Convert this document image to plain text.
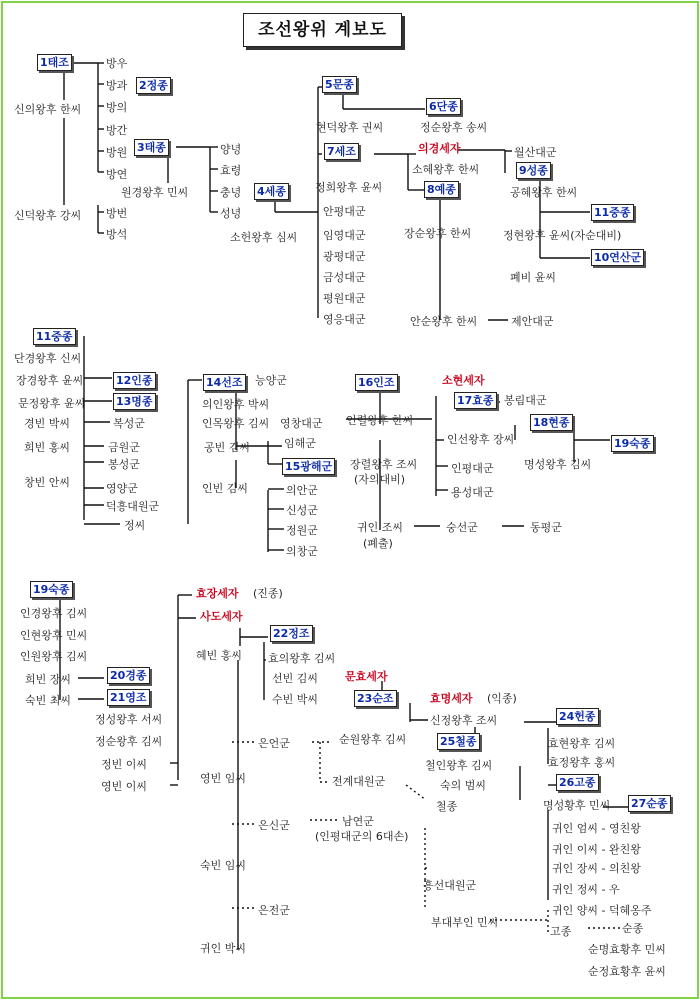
조선왕위 계보도
1태조
신의왕후 한씨
신덕왕후 강씨
방우
방과
방의
방간
방원
방연
방번
방석
2정종
3태종
원경왕후 민씨
양녕
효령
충녕
성녕
4세종
소헌왕후 심씨
5문종
현덕왕후 권씨
6단종
정순왕후 송씨
7세조
정희왕후 윤씨
안평대군
임영대군
광평대군
금성대군
평원대군
영응대군
의경세자
소혜왕후 한씨
월산대군
9성종
공혜왕후 한씨
8예종
장순왕후 한씨
안순왕후 한씨	제안대군
11중종
정현왕후 윤씨(자순대비)
폐비 윤씨
10연산군
11중종
단경왕후 신씨
장경왕후 윤씨	12인종
문정왕후 윤씨	13명종
경빈 박씨	복성군
희빈 홍씨	금원군
봉성군
창빈 안씨	영양군
덕흥대원군
정씨
14선조 능양군
의인왕후 박씨
인목왕후 김씨 영창대군
공빈 김씨	임해군
15광해군
인빈 김씨	의안군
신성군
정원군
의창군
16인조
인렬왕후 한씨
장렬왕후 조씨
(자의대비)
귀인 조씨
(폐출)
숭선군	동평군
소현세자
17효종 봉림대군
18현종
인선왕후 장씨
인평대군
용성대군
명성왕후 김씨
19숙종
19숙종
인경왕후 김씨
인현왕후 민씨
인원왕후 김씨
희빈 장씨	20경종
숙빈 최씨	21영조
정성왕후 서씨
정순왕후 김씨
정빈 이씨
영빈 이씨
효장세자 (진종)
사도세자
혜빈 홍씨
22정조
효의왕후 김씨
선빈 김씨
수빈 박씨
문효세자
23순조
순원왕후 김씨
은언군
전계대원군
철종
영빈 임씨
은신군	남연군
(인평대군의 6대손)
흥선대원군
부대부인 민씨
숙빈 임씨
은전군
귀인 박씨
효명세자 (익종)
신정왕후 조씨	24헌종
효현왕후 김씨
효정왕후 홍씨
25철종
철인왕후 김씨
숙의 범씨	26고종
명성황후 민씨 27순종
귀인 엄씨 - 영친왕
귀인 이씨 - 완친왕
귀인 장씨 - 의친왕
귀인 정씨 - 우
귀인 양씨 - 덕혜옹주
고종	순종
순명효황후 민씨
순정효황후 윤씨
